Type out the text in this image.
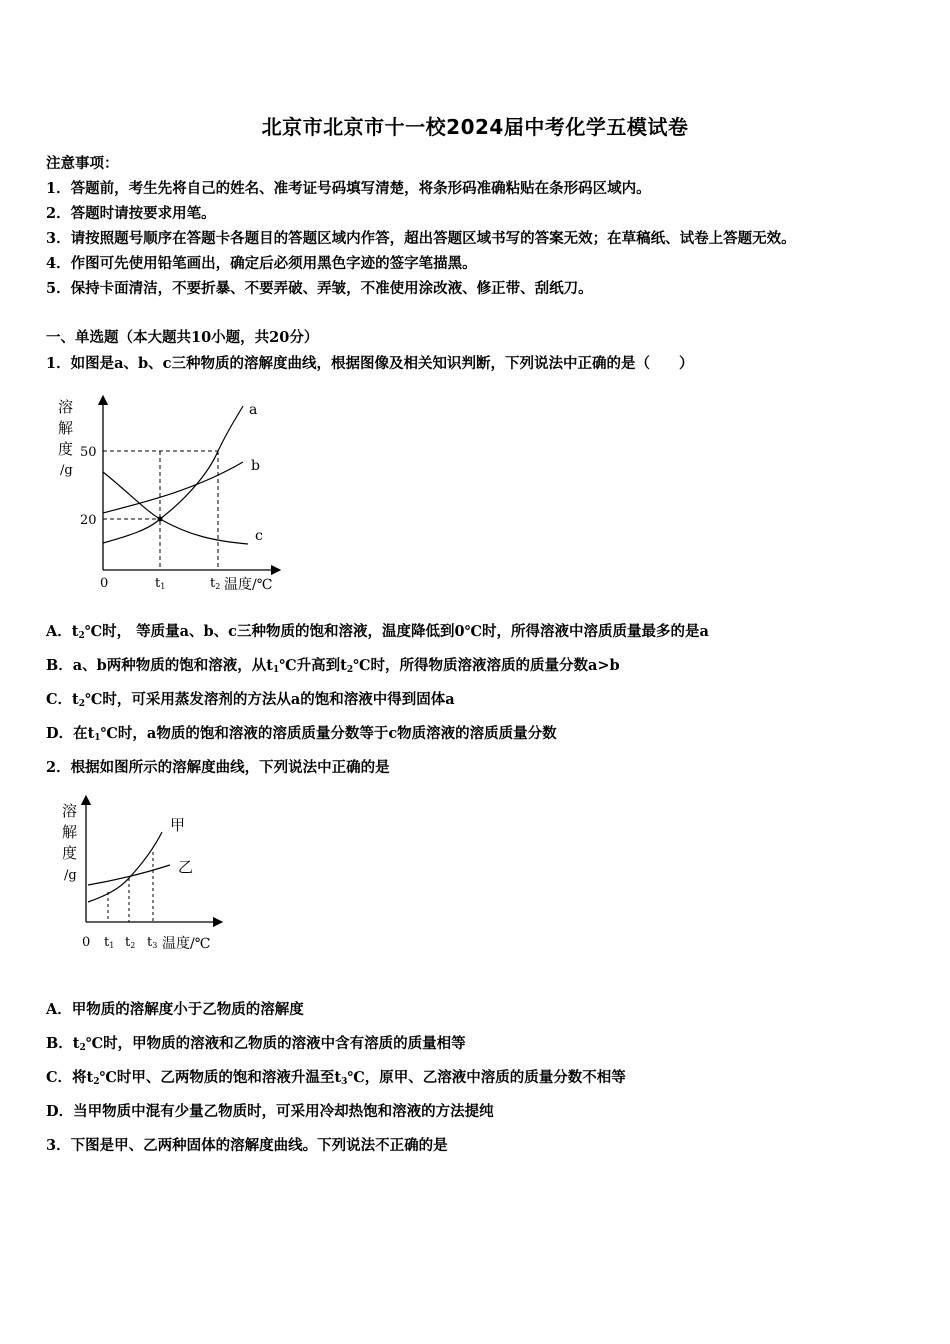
北京市北京市十一校2024届中考化学五模试卷
注意事项：
1．答题前，考生先将自己的姓名、准考证号码填写清楚，将条形码准确粘贴在条形码区域内。
2．答题时请按要求用笔。
3．请按照题号顺序在答题卡各题目的答题区域内作答，超出答题区域书写的答案无效；在草稿纸、试卷上答题无效。
4．作图可先使用铅笔画出，确定后必须用黑色字迹的签字笔描黑。
5．保持卡面清洁，不要折暴、不要弄破、弄皱，不准使用涂改液、修正带、刮纸刀。
一、单选题（本大题共10小题，共20分）
1．如图是a、b、c三种物质的溶解度曲线，根据图像及相关知识判断，下列说法中正确的是（　　）
溶
解
度
/g
50
20
0	t1	t2 温度/℃
a
b
c
A．$t_2℃$时， 等质量a、b、c三种物质的饱和溶液，温度降低到0℃时，所得溶液中溶质质量最多的是a
B．a、b两种物质的饱和溶液，从$t_1℃$升高到$t_2℃$时，所得物质溶液溶质的质量分数a>b
C．$t_2℃$时，可采用蒸发溶剂的方法从a的饱和溶液中得到固体a
D．在$t_1℃$时，a物质的饱和溶液的溶质质量分数等于c物质溶液的溶质质量分数
2．根据如图所示的溶解度曲线，下列说法中正确的是
溶
解
度
/g
0 t1 t2 t3 温度/℃
甲
乙
A．甲物质的溶解度小于乙物质的溶解度
B．$t_2℃$时，甲物质的溶液和乙物质的溶液中含有溶质的质量相等
C．将$t_2℃$时甲、乙两物质的饱和溶液升温至$t_3℃$，原甲、乙溶液中溶质的质量分数不相等
D．当甲物质中混有少量乙物质时，可采用冷却热饱和溶液的方法提纯
3．下图是甲、乙两种固体的溶解度曲线。下列说法不正确的是
